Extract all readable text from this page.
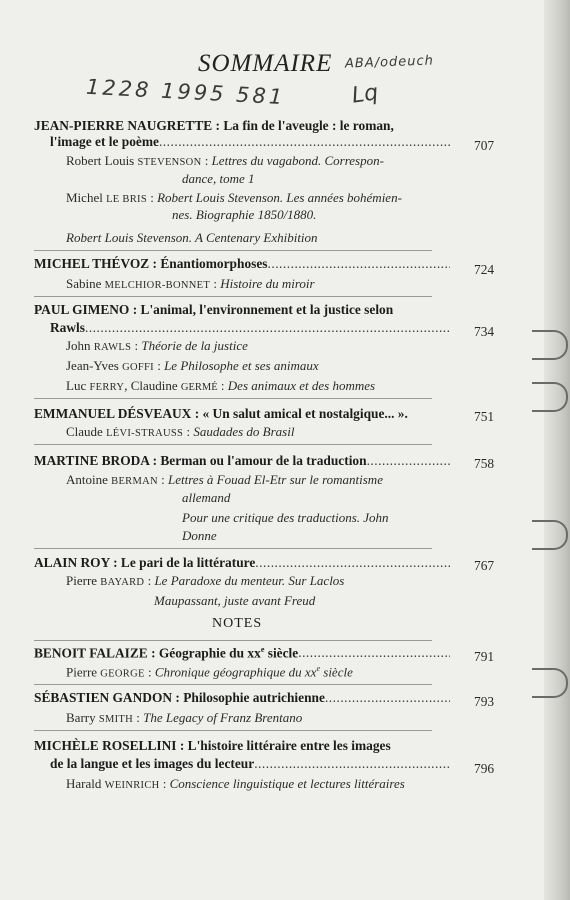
SOMMAIRE ABA/odeuch
1228 1995 581	Lq
JEAN-PIERRE NAUGRETTE : La fin de l'aveugle : le roman,
l'image et le poème .....	707
Robert Louis STEVENSON : Lettres du vagabond. Correspon-
dance, tome 1
Michel LE BRIS : Robert Louis Stevenson. Les années bohémien-
nes. Biographie 1850/1880.
Robert Louis Stevenson. A Centenary Exhibition
MICHEL THÉVOZ : Énantiomorphoses .....	724
Sabine MELCHIOR-BONNET : Histoire du miroir
PAUL GIMENO : L'animal, l'environnement et la justice selon
Rawls .....	734
John RAWLS : Théorie de la justice
Jean-Yves GOFFI : Le Philosophe et ses animaux
Luc FERRY, Claudine GERMÉ : Des animaux et des hommes
EMMANUEL DÉSVEAUX : « Un salut amical et nostalgique... ».	751
Claude LÉVI-STRAUSS : Saudades do Brasil
MARTINE BRODA : Berman ou l'amour de la traduction .....	758
Antoine BERMAN : Lettres à Fouad El-Etr sur le romantisme
allemand
Pour une critique des traductions. John
Donne
ALAIN ROY : Le pari de la littérature .....	767
Pierre BAYARD : Le Paradoxe du menteur. Sur Laclos
Maupassant, juste avant Freud
BENOIT FALAIZE : Géographie du $xx^e$ siècle .....	791
Pierre GEORGE : Chronique géographique du $xx^e$ siècle
SÉBASTIEN GANDON : Philosophie autrichienne .....	793
Barry SMITH : The Legacy of Franz Brentano
MICHÈLE ROSELLINI : L'histoire littéraire entre les images
de la langue et les images du lecteur .....	796
Harald WEINRICH : Conscience linguistique et lectures littéraires
NOTES
